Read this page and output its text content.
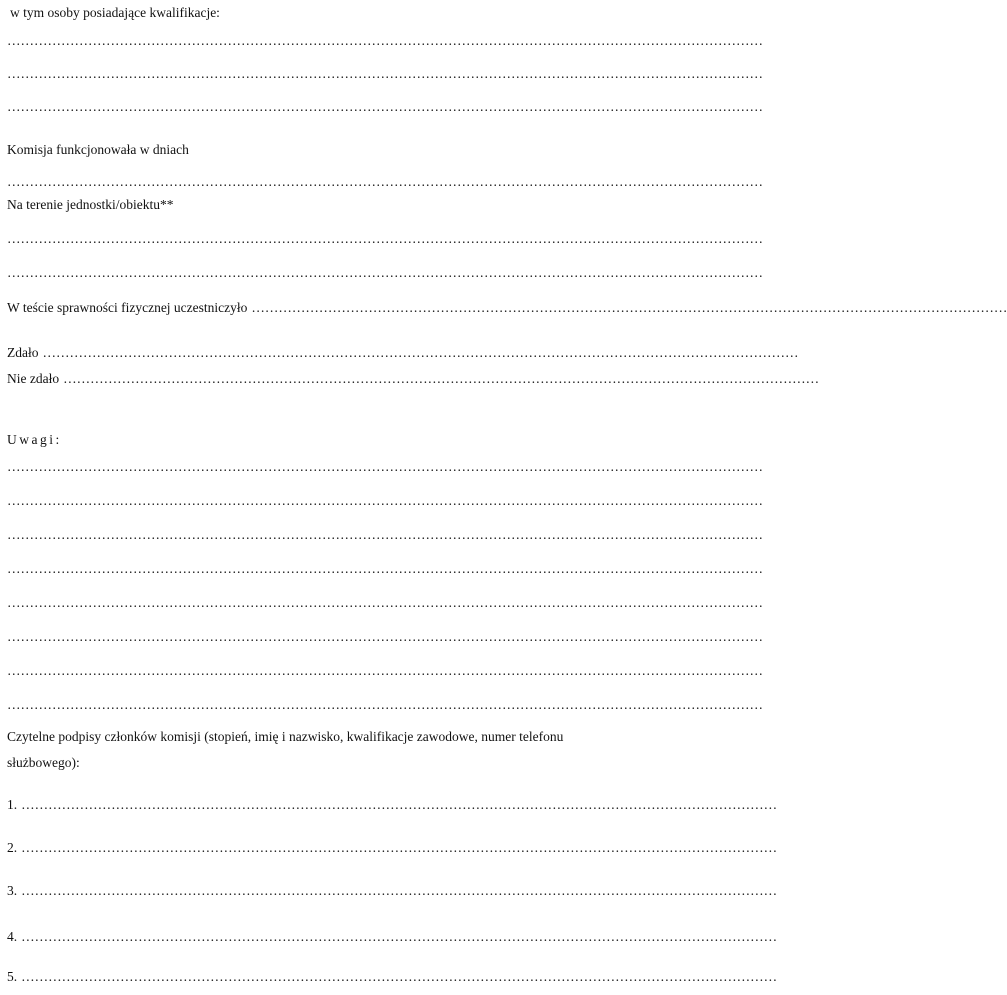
w tym osoby posiadające kwalifikacje:
……………………………………………………………………………………………………………………………………………………
……………………………………………………………………………………………………………………………………………………
……………………………………………………………………………………………………………………………………………………
Komisja funkcjonowała w dniach
……………………………………………………………………………………………………………………………………………………
Na terenie jednostki/obiektu**
……………………………………………………………………………………………………………………………………………………
……………………………………………………………………………………………………………………………………………………
W teście sprawności fizycznej uczestniczyło ……………………………………………………………………………………………………………………………………………………
Zdało ……………………………………………………………………………………………………………………………………………………
Nie zdało ……………………………………………………………………………………………………………………………………………………
Uwagi:
……………………………………………………………………………………………………………………………………………………
……………………………………………………………………………………………………………………………………………………
……………………………………………………………………………………………………………………………………………………
……………………………………………………………………………………………………………………………………………………
……………………………………………………………………………………………………………………………………………………
……………………………………………………………………………………………………………………………………………………
……………………………………………………………………………………………………………………………………………………
……………………………………………………………………………………………………………………………………………………
Czytelne podpisy członków komisji (stopień, imię i nazwisko, kwalifikacje zawodowe, numer telefonu
służbowego):
1. ……………………………………………………………………………………………………………………………………………………
2. ……………………………………………………………………………………………………………………………………………………
3. ……………………………………………………………………………………………………………………………………………………
4. ……………………………………………………………………………………………………………………………………………………
5. ……………………………………………………………………………………………………………………………………………………
